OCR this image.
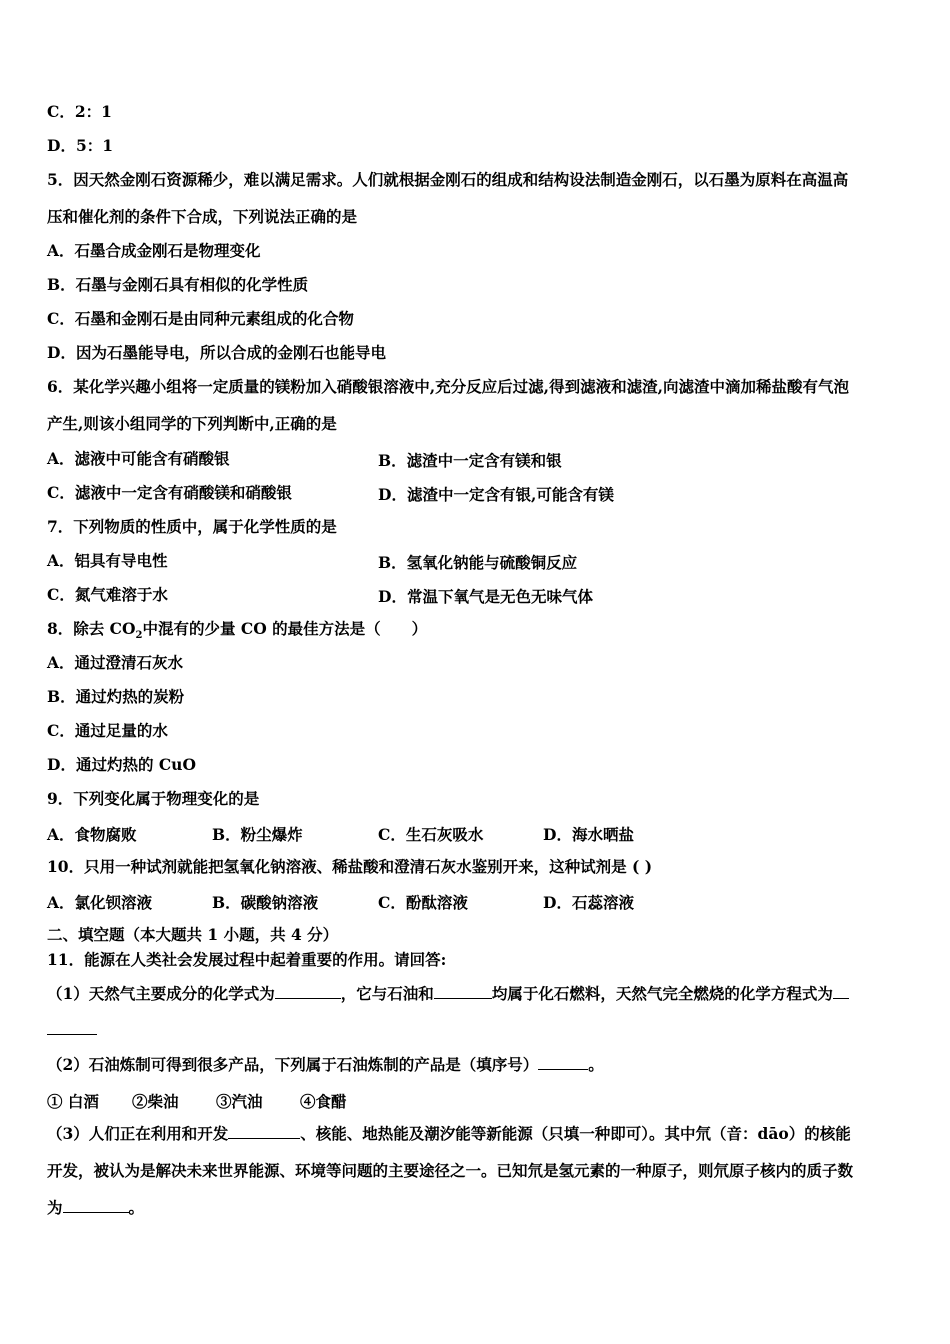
C．2：1
D．5：1
5．因天然金刚石资源稀少，难以满足需求。人们就根据金刚石的组成和结构设法制造金刚石，以石墨为原料在高温高
压和催化剂的条件下合成，下列说法正确的是
A．石墨合成金刚石是物理变化
B．石墨与金刚石具有相似的化学性质
C．石墨和金刚石是由同种元素组成的化合物
D．因为石墨能导电，所以合成的金刚石也能导电
6．某化学兴趣小组将一定质量的镁粉加入硝酸银溶液中,充分反应后过滤,得到滤液和滤渣,向滤渣中滴加稀盐酸有气泡
产生,则该小组同学的下列判断中,正确的是
A．滤液中可能含有硝酸银	B．滤渣中一定含有镁和银
C．滤液中一定含有硝酸镁和硝酸银	D．滤渣中一定含有银,可能含有镁
7．下列物质的性质中，属于化学性质的是
A．铝具有导电性	B．氢氧化钠能与硫酸铜反应
C．氮气难溶于水	D．常温下氧气是无色无味气体
8．除去 $CO_2$中混有的少量 CO 的最佳方法是（　　）
A．通过澄清石灰水
B．通过灼热的炭粉
C．通过足量的水
D．通过灼热的 CuO
9．下列变化属于物理变化的是
A．食物腐败	B．粉尘爆炸	C．生石灰吸水	D．海水晒盐
10．只用一种试剂就能把氢氧化钠溶液、稀盐酸和澄清石灰水鉴别开来，这种试剂是 ( )
A．氯化钡溶液	B．碳酸钠溶液	C．酚酞溶液	D．石蕊溶液
二、填空题（本大题共 1 小题，共 4 分）
11．能源在人类社会发展过程中起着重要的作用。请回答:
（1）天然气主要成分的化学式为	，它与石油和	均属于化石燃料，天然气完全燃烧的化学方程式为
（2）石油炼制可得到很多产品，下列属于石油炼制的产品是（填序号）	。
① 白酒 ②柴油 ③汽油 ④食醋
（3）人们正在利用和开发	、核能、地热能及潮汐能等新能源（只填一种即可）。其中氘（音：dāo）的核能
开发，被认为是解决未来世界能源、环境等问题的主要途径之一。已知氘是氢元素的一种原子，则氘原子核内的质子数
为	。
